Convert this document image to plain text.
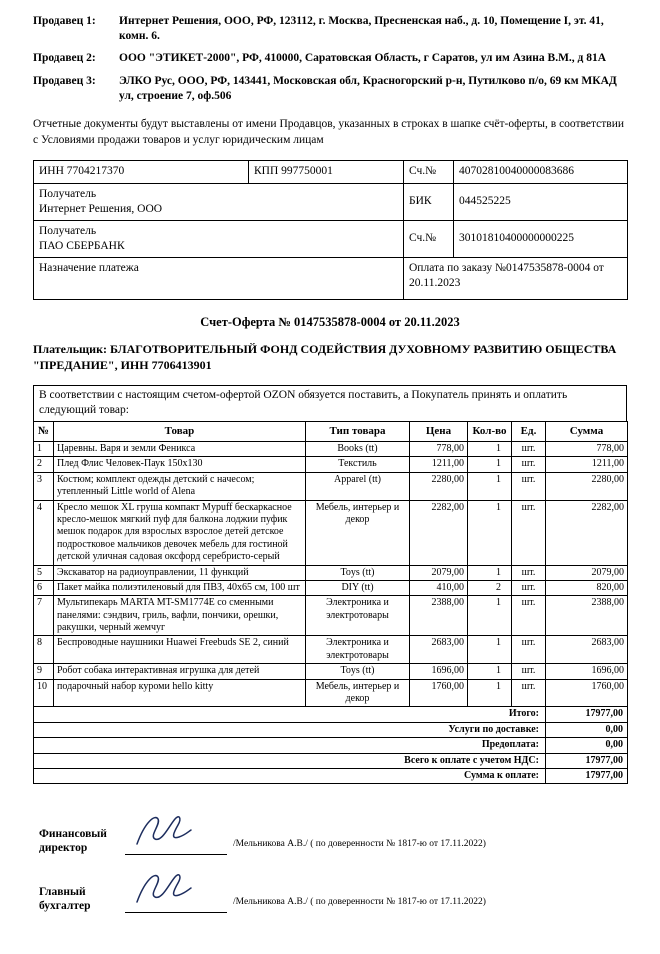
Продавец 1:	Интернет Решения, ООО, РФ, 123112, г. Москва, Пресненская наб., д. 10, Помещение I, эт. 41, комн. 6.
Продавец 2:	ООО "ЭТИКЕТ-2000", РФ, 410000, Саратовская Область, г Саратов, ул им Азина В.М., д 81А
Продавец 3:	ЭЛКО Рус, ООО, РФ, 143441, Московская обл, Красногорский р-н, Путилково п/о, 69 км МКАД ул, строение 7, оф.506
Отчетные документы будут выставлены от имени Продавцов, указанных в строках в шапке счёт-оферты, в соответствии с Условиями продажи товаров и услуг юридическим лицам
ИНН 7704217370	КПП 997750001	Сч.№	40702810040000083686

Получатель
Интернет Решения, ООО		БИК	044525225

Получатель
ПАО СБЕРБАНК		Сч.№	30101810400000000225
Назначение платежа		Оплата по заказу №0147535878-0004 от 20.11.2023	
Счет-Оферта № 0147535878-0004 от 20.11.2023
Плательщик: БЛАГОТВОРИТЕЛЬНЫЙ ФОНД СОДЕЙСТВИЯ ДУХОВНОМУ РАЗВИТИЮ ОБЩЕСТВА "ПРЕДАНИЕ", ИНН 7706413901
В соответствии с настоящим счетом-офертой OZON обязуется поставить, а Покупатель принять и оплатить следующий товар:
№	Товар	Тип товара	Цена	Кол-во	Ед.	Сумма
1	Царевны. Варя и земли Феникса	Books (tt)	778,00	1	шт.	778,00
2	Плед Флис Человек-Паук 150х130	Текстиль	1211,00	1	шт.	1211,00
3	Костюм; комплект одежды детский с начесом; утепленный Little world of Alena	Apparel (tt)	2280,00	1	шт.	2280,00
4	Кресло мешок XL груша компакт Mypuff бескаркасное кресло-мешок мягкий пуф для балкона лоджии пуфик мешок подарок для взрослых взрослое детей детское подростковое мальчиков девочек мебель для гостиной детской уличная садовая оксфорд серебристо-серый	Мебель, интерьер и декор	2282,00	1	шт.	2282,00
5	Экскаватор на радиоуправлении, 11 функций	Toys (tt)	2079,00	1	шт.	2079,00
6	Пакет майка полиэтиленовый для ПВЗ, 40х65 см, 100 шт	DIY (tt)	410,00	2	шт.	820,00
7	Мультипекарь MARTA MT-SM1774E со сменными панелями: сэндвич, гриль, вафли, пончики, орешки, ракушки, черный жемчуг	Электроника и электротовары	2388,00	1	шт.	2388,00
8	Беспроводные наушники Huawei Freebuds SE 2, синий	Электроника и электротовары	2683,00	1	шт.	2683,00
9	Робот собака интерактивная игрушка для детей	Toys (tt)	1696,00	1	шт.	1696,00
10	подарочный набор куроми hello kitty	Мебель, интерьер и декор	1760,00	1	шт.	1760,00
Итого:						17977,00
Услуги по доставке:						0,00
Предоплата:						0,00
Всего к оплате с учетом НДС:						17977,00
Сумма к оплате:						17977,00
Финансовый директор	/Мельникова А.В./ ( по доверенности № 1817-ю от 17.11.2022)
Главный бухгалтер	/Мельникова А.В./ ( по доверенности № 1817-ю от 17.11.2022)
